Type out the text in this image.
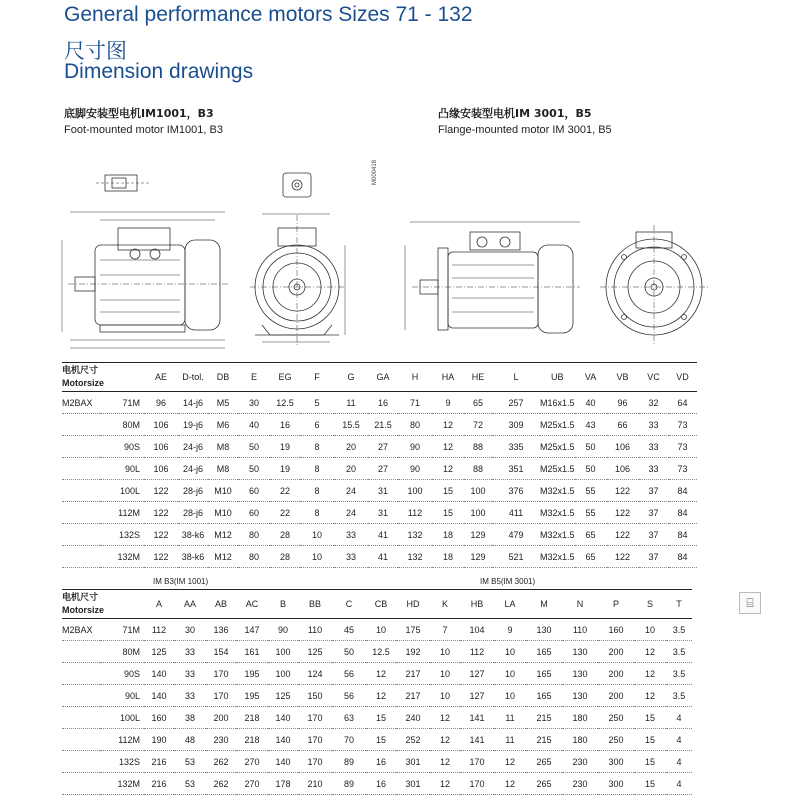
General performance motors Sizes 71 - 132
尺寸图
Dimension drawings
底脚安装型电机IM1001，B3
Foot-mounted motor IM1001, B3
凸缘安装型电机IM 3001，B5
Flange-mounted motor IM 3001, B5
M000418
IM B3(IM 1001)	IM B5(IM 3001)
电机尺寸
Motorsize		AE	D-tol.	DB	E	EG	F	G	GA	H	HA	HE	L	UB	VA	VB	VC	VD
M2BAX	71M	96	14-j6	M5	30	12.5	5	11	16	71	9	65	257	M16x1.5	40	96	32	64
	80M	106	19-j6	M6	40	16	6	15.5	21.5	80	12	72	309	M25x1.5	43	66	33	73
	90S	106	24-j6	M8	50	19	8	20	27	90	12	88	335	M25x1.5	50	106	33	73
	90L	106	24-j6	M8	50	19	8	20	27	90	12	88	351	M25x1.5	50	106	33	73
	100L	122	28-j6	M10	60	22	8	24	31	100	15	100	376	M32x1.5	55	122	37	84
	112M	122	28-j6	M10	60	22	8	24	31	112	15	100	411	M32x1.5	55	122	37	84
	132S	122	38-k6	M12	80	28	10	33	41	132	18	129	479	M32x1.5	65	122	37	84
	132M	122	38-k6	M12	80	28	10	33	41	132	18	129	521	M32x1.5	65	122	37	84
电机尺寸
Motorsize		A	AA	AB	AC	B	BB	C	CB	HD	K	HB	LA	M	N	P	S	T
M2BAX	71M	112	30	136	147	90	110	45	10	175	7	104	9	130	110	160	10	3.5
	80M	125	33	154	161	100	125	50	12.5	192	10	112	10	165	130	200	12	3.5
	90S	140	33	170	195	100	124	56	12	217	10	127	10	165	130	200	12	3.5
	90L	140	33	170	195	125	150	56	12	217	10	127	10	165	130	200	12	3.5
	100L	160	38	200	218	140	170	63	15	240	12	141	11	215	180	250	15	4
	112M	190	48	230	218	140	170	70	15	252	12	141	11	215	180	250	15	4
	132S	216	53	262	270	140	170	89	16	301	12	170	12	265	230	300	15	4
	132M	216	53	262	270	178	210	89	16	301	12	170	12	265	230	300	15	4
⌸
